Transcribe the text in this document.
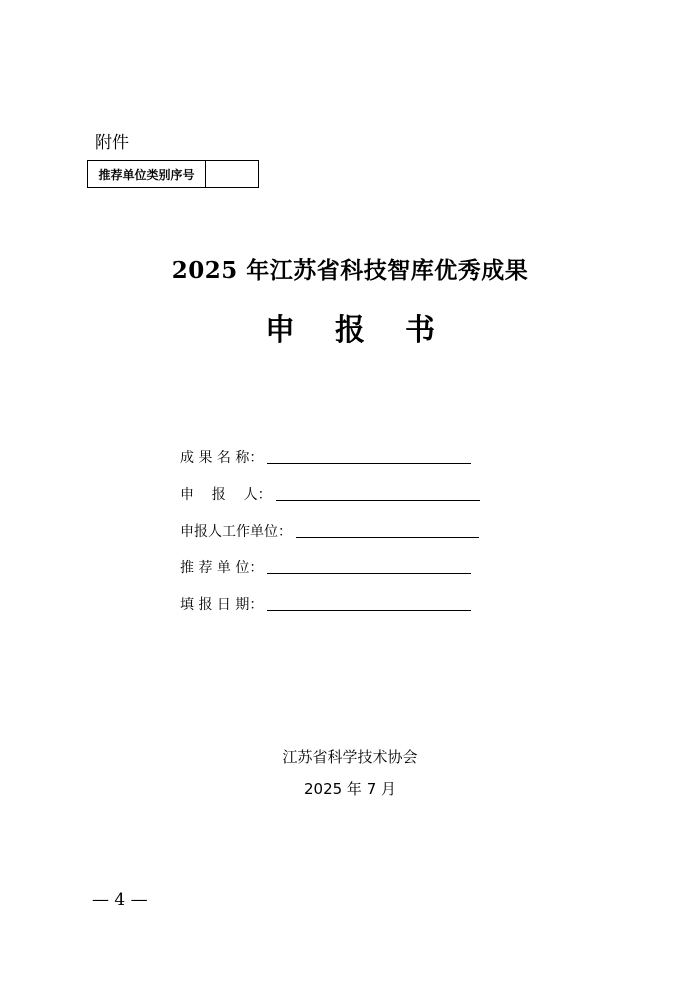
附件
推荐单位类别序号
2025 年江苏省科技智库优秀成果
申报书
成 果 名 称：
申    报    人：
申报人工作单位：
推 荐 单 位：
填 报 日 期：
江苏省科学技术协会
2025 年 7 月
— 4 —
